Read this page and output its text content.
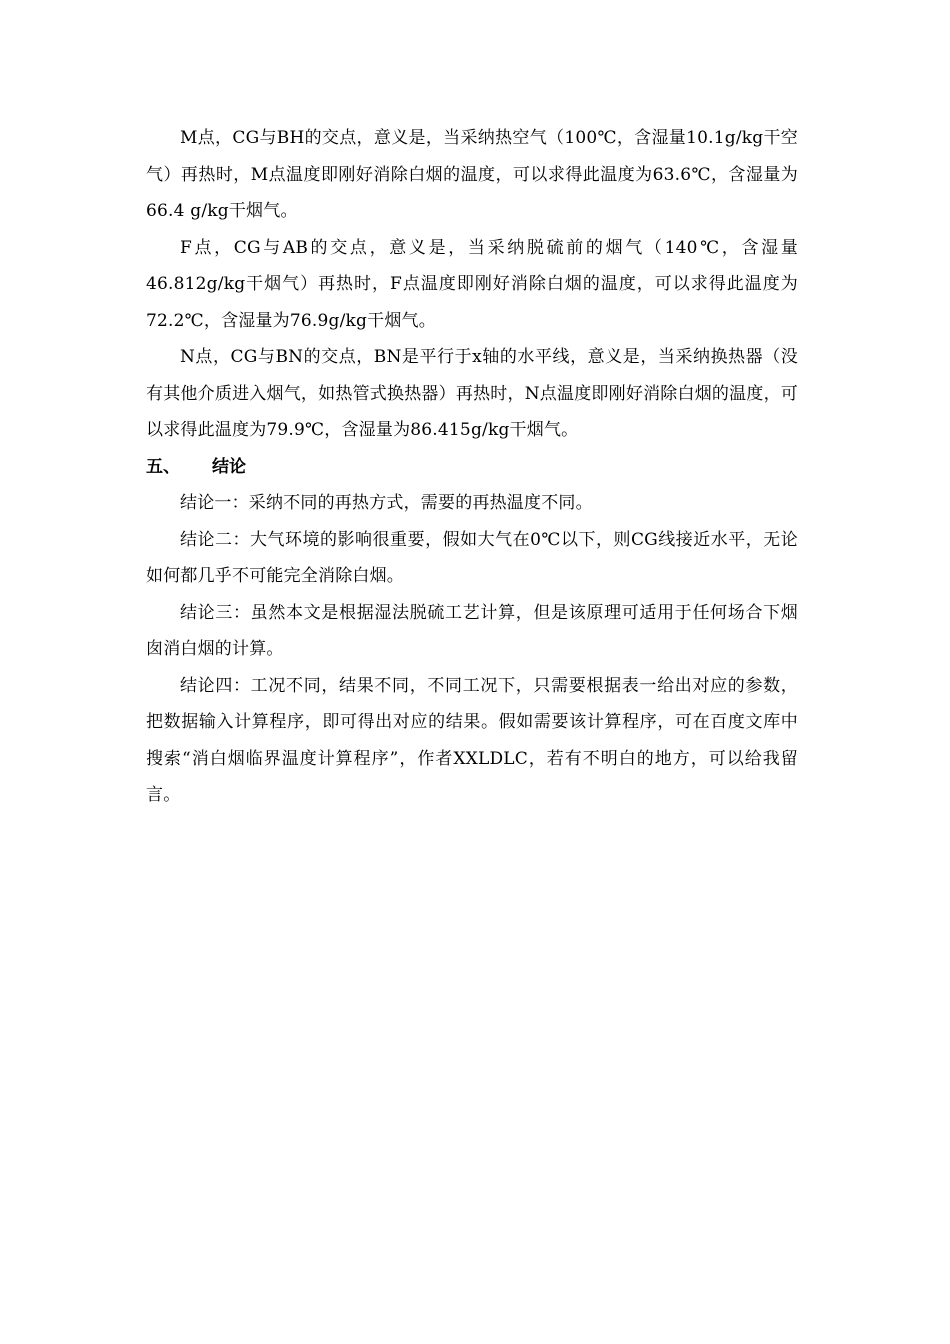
M点，CG与BH的交点，意义是，当采纳热空气（100℃，含湿量10.1g/kg干空气）再热时，M点温度即刚好消除白烟的温度，可以求得此温度为63.6℃，含湿量为66.4 g/kg干烟气。

F点，CG与AB的交点，意义是，当采纳脱硫前的烟气（140℃，含湿量46.812g/kg干烟气）再热时，F点温度即刚好消除白烟的温度，可以求得此温度为72.2℃，含湿量为76.9g/kg干烟气。

N点，CG与BN的交点，BN是平行于x轴的水平线，意义是，当采纳换热器（没有其他介质进入烟气，如热管式换热器）再热时，N点温度即刚好消除白烟的温度，可以求得此温度为79.9℃，含湿量为86.415g/kg干烟气。

五、	结论

结论一：采纳不同的再热方式，需要的再热温度不同。

结论二：大气环境的影响很重要，假如大气在0℃以下，则CG线接近水平，无论如何都几乎不可能完全消除白烟。

结论三：虽然本文是根据湿法脱硫工艺计算，但是该原理可适用于任何场合下烟囱消白烟的计算。

结论四：工况不同，结果不同，不同工况下，只需要根据表一给出对应的参数，把数据输入计算程序，即可得出对应的结果。假如需要该计算程序，可在百度文库中搜索“消白烟临界温度计算程序”，作者XXLDLC，若有不明白的地方，可以给我留言。
